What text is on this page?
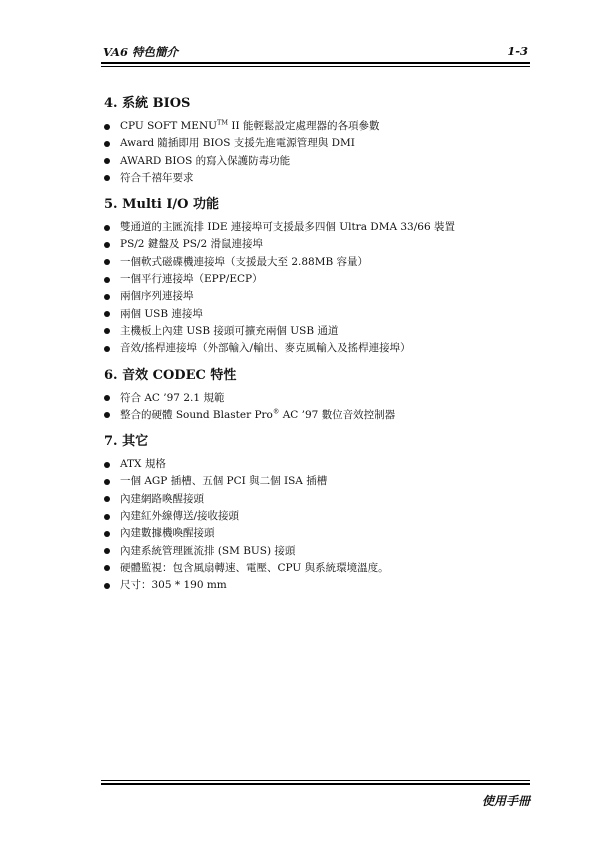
VA6 特色簡介	1-3
4. 系統 BIOS
CPU SOFT MENU™ II 能輕鬆設定處理器的各項參數
Award 隨插即用 BIOS 支援先進電源管理與 DMI
AWARD BIOS 的寫入保護防毒功能
符合千禧年要求
5. Multi I/O 功能
雙通道的主匯流排 IDE 連接埠可支援最多四個 Ultra DMA 33/66 裝置
PS/2 鍵盤及 PS/2 滑鼠連接埠
一個軟式磁碟機連接埠（支援最大至 2.88MB 容量）
一個平行連接埠（EPP/ECP）
兩個序列連接埠
兩個 USB 連接埠
主機板上內建 USB 接頭可擴充兩個 USB 通道
音效/搖桿連接埠（外部輸入/輸出、麥克風輸入及搖桿連接埠）
6. 音效 CODEC 特性
符合 AC ’97 2.1 規範
整合的硬體 Sound Blaster Pro® AC ’97 數位音效控制器
7. 其它
ATX 規格
一個 AGP 插槽、五個 PCI 與二個 ISA 插槽
內建網路喚醒接頭
內建紅外線傳送/接收接頭
內建數據機喚醒接頭
內建系統管理匯流排 (SM BUS) 接頭
硬體監視：包含風扇轉速、電壓、CPU 與系統環境溫度。
尺寸：305 * 190 mm
使用手冊
